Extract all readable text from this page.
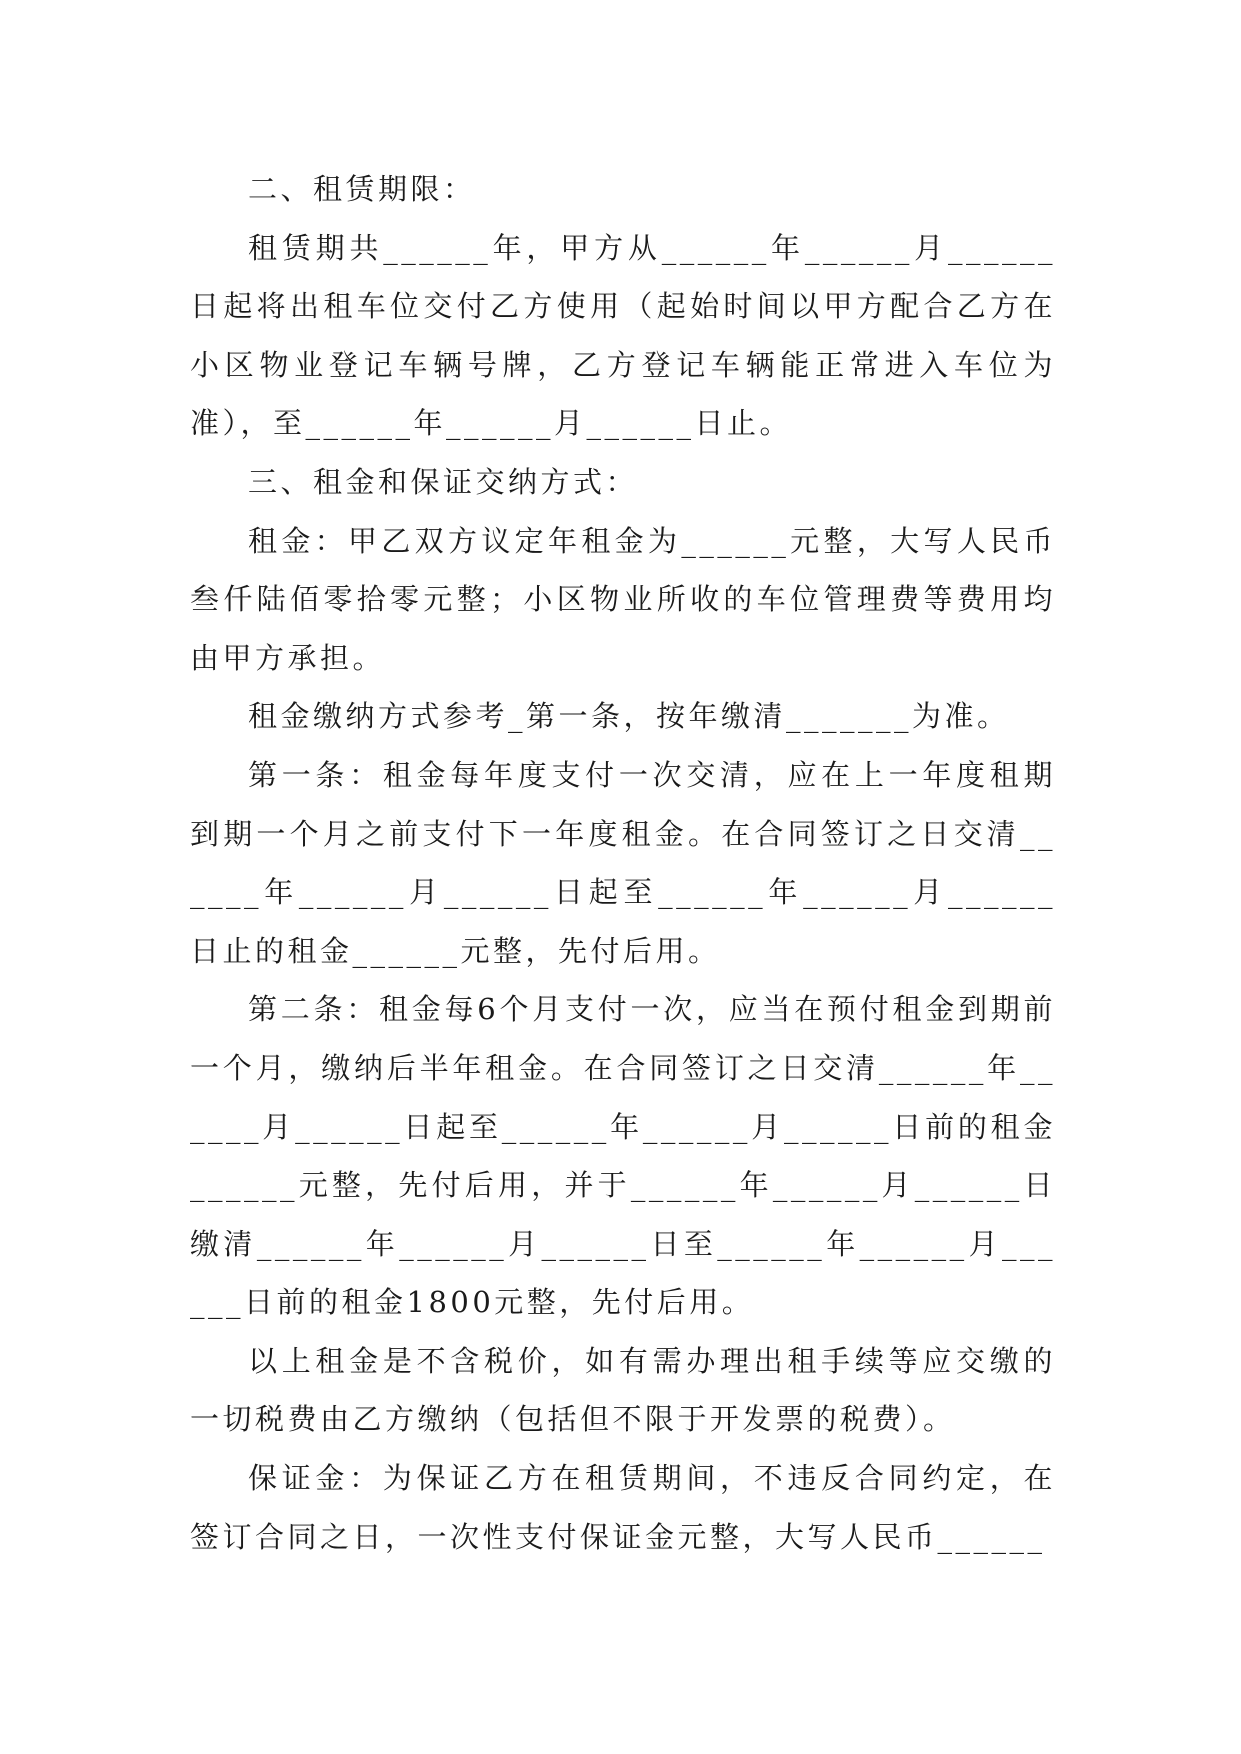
二、租赁期限：

租赁期共______年，甲方从______年______月______日起将出租车位交付乙方使用（起始时间以甲方配合乙方在小区物业登记车辆号牌，乙方登记车辆能正常进入车位为准），至______年______月______日止。

三、租金和保证交纳方式：

租金：甲乙双方议定年租金为______元整，大写人民币叁仟陆佰零拾零元整；小区物业所收的车位管理费等费用均由甲方承担。

租金缴纳方式参考_第一条，按年缴清_______为准。

第一条：租金每年度支付一次交清，应在上一年度租期到期一个月之前支付下一年度租金。在合同签订之日交清______年______月______日起至______年______月______日止的租金______元整，先付后用。

第二条：租金每6个月支付一次，应当在预付租金到期前一个月，缴纳后半年租金。在合同签订之日交清______年______月______日起至______年______月______日前的租金______元整，先付后用，并于______年______月______日缴清______年______月______日至______年______月______日前的租金1800元整，先付后用。

以上租金是不含税价，如有需办理出租手续等应交缴的一切税费由乙方缴纳（包括但不限于开发票的税费）。

保证金：为保证乙方在租赁期间，不违反合同约定，在签订合同之日，一次性支付保证金元整，大写人民币______
